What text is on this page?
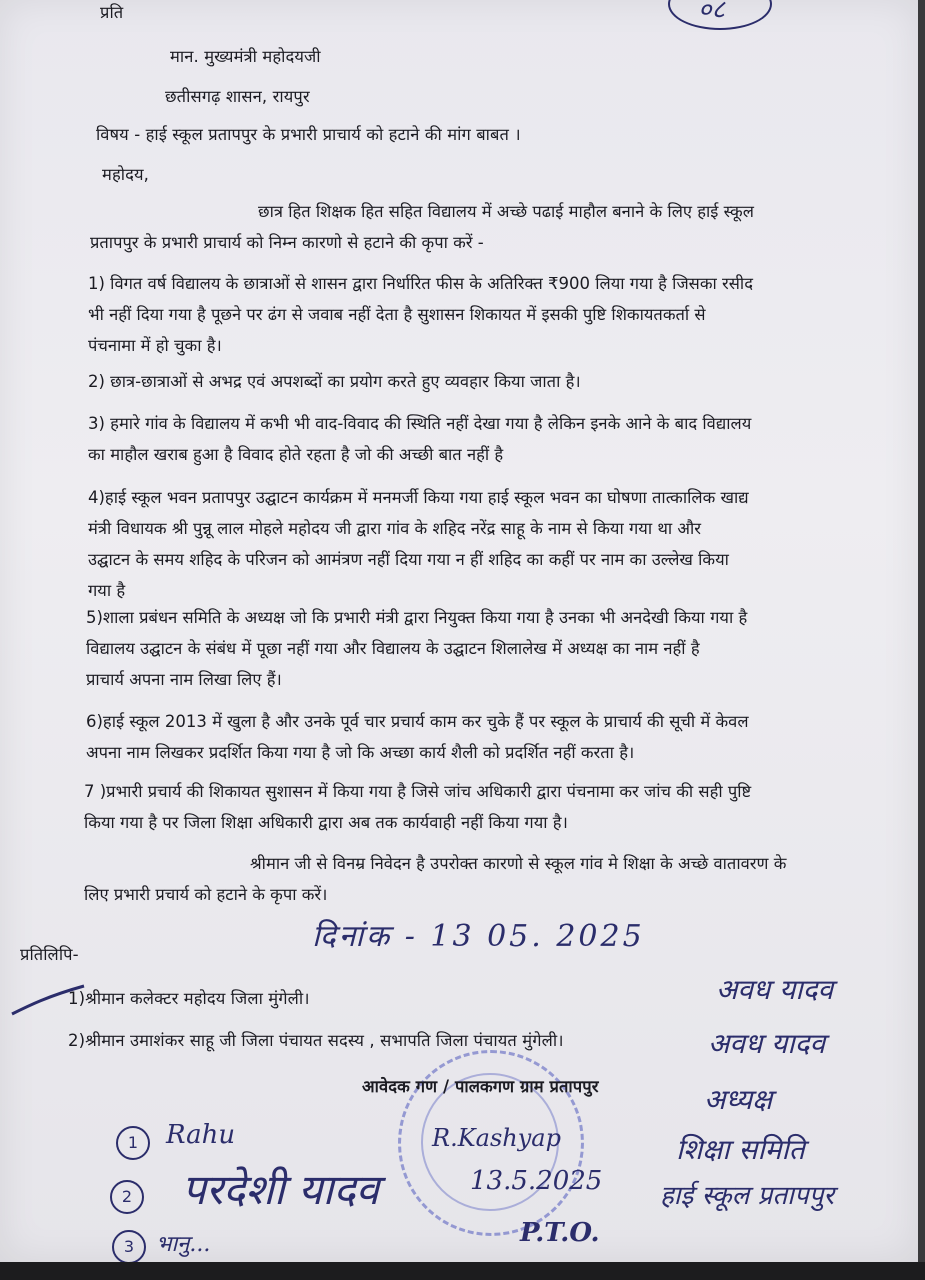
०८
प्रति
मान. मुख्यमंत्री महोदयजी
छतीसगढ़ शासन, रायपुर
विषय - हाई स्कूल प्रतापपुर के प्रभारी प्राचार्य को हटाने की मांग बाबत ।
महोदय,
छात्र हित शिक्षक हित सहित विद्यालय में अच्छे पढाई माहौल बनाने के लिए हाई स्कूल
प्रतापपुर के प्रभारी प्राचार्य को निम्न कारणो से हटाने की कृपा करें -
1) विगत वर्ष विद्यालय के छात्राओं से शासन द्वारा निर्धारित फीस के अतिरिक्त ₹900 लिया गया है जिसका रसीद
भी नहीं दिया गया है पूछने पर ढंग से जवाब नहीं देता है सुशासन शिकायत में इसकी पुष्टि शिकायतकर्ता से
पंचनामा में हो चुका है।
2) छात्र-छात्राओं से अभद्र एवं अपशब्दों का प्रयोग करते हुए व्यवहार किया जाता है।
3) हमारे गांव के विद्यालय में कभी भी वाद-विवाद की स्थिति नहीं देखा गया है लेकिन इनके आने के बाद विद्यालय
का माहौल खराब हुआ है विवाद होते रहता है जो की अच्छी बात नहीं है
4)हाई स्कूल भवन प्रतापपुर उद्घाटन कार्यक्रम में मनमर्जी किया गया हाई स्कूल भवन का घोषणा तात्कालिक खाद्य
मंत्री विधायक श्री पुन्नू लाल मोहले महोदय जी द्वारा गांव के शहिद नरेंद्र साहू के नाम से किया गया था और
उद्घाटन के समय शहिद के परिजन को आमंत्रण नहीं दिया गया न हीं शहिद का कहीं पर नाम का उल्लेख किया
गया है
5)शाला प्रबंधन समिति के अध्यक्ष जो कि प्रभारी मंत्री द्वारा नियुक्त किया गया है उनका भी अनदेखी किया गया है
विद्यालय उद्घाटन के संबंध में पूछा नहीं गया और विद्यालय के उद्घाटन शिलालेख में अध्यक्ष का नाम नहीं है
प्राचार्य अपना नाम लिखा लिए हैं।
6)हाई स्कूल 2013 में खुला है और उनके पूर्व चार प्रचार्य काम कर चुके हैं पर स्कूल के प्राचार्य की सूची में केवल
अपना नाम लिखकर प्रदर्शित किया गया है जो कि अच्छा कार्य शैली को प्रदर्शित नहीं करता है।
7 )प्रभारी प्रचार्य की शिकायत सुशासन में किया गया है जिसे जांच अधिकारी द्वारा पंचनामा कर जांच की सही पुष्टि
किया गया है पर जिला शिक्षा अधिकारी द्वारा अब तक कार्यवाही नहीं किया गया है।
श्रीमान जी से विनम्र निवेदन है उपरोक्त कारणो से स्कूल गांव मे शिक्षा के अच्छे वातावरण के
लिए प्रभारी प्रचार्य को हटाने के कृपा करें।
दिनांक - 13 05. 2025
प्रतिलिपि-
1)श्रीमान कलेक्टर महोदय जिला मुंगेली।
2)श्रीमान उमाशंकर साहू जी जिला पंचायत सदस्य , सभापति जिला पंचायत मुंगेली।
आवेदक गण / पालकगण ग्राम प्रतापपुर
अवध यादव
अवध यादव
अध्यक्ष
शिक्षा समिति
हाई स्कूल प्रतापपुर
1	Rahu
2 परदेशी यादव
3 भानु...
R.Kashyap
13.5.2025
P.T.O.
